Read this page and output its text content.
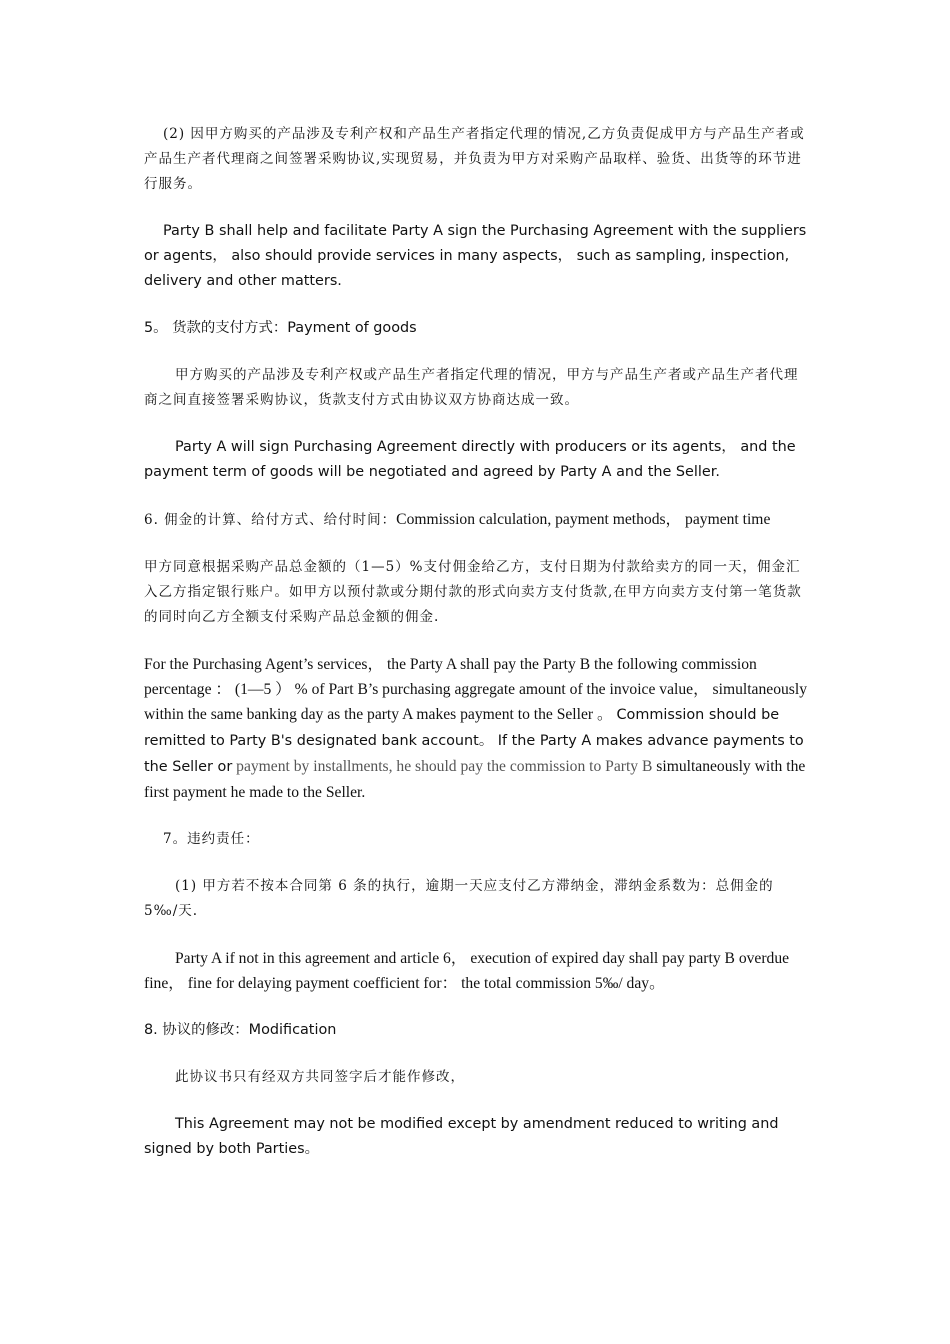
(2) 因甲方购买的产品涉及专利产权和产品生产者指定代理的情况,乙方负责促成甲方与产品生产者或产品生产者代理商之间签署采购协议,实现贸易，并负责为甲方对采购产品取样、验货、出货等的环节进行服务。

Party B shall help and facilitate Party A sign the Purchasing Agreement with the suppliers or agents， also should provide services in many aspects， such as sampling, inspection, delivery and other matters.

5。 货款的支付方式：Payment of goods

甲方购买的产品涉及专利产权或产品生产者指定代理的情况，甲方与产品生产者或产品生产者代理商之间直接签署采购协议，货款支付方式由协议双方协商达成一致。

Party A will sign Purchasing Agreement directly with producers or its agents， and the payment term of goods will be negotiated and agreed by Party A and the Seller.

6. 佣金的计算、给付方式、给付时间：Commission calculation, payment methods， payment time

甲方同意根据采购产品总金额的（1—5）%支付佣金给乙方，支付日期为付款给卖方的同一天，佣金汇入乙方指定银行账户。如甲方以预付款或分期付款的形式向卖方支付货款,在甲方向卖方支付第一笔货款的同时向乙方全额支付采购产品总金额的佣金.

For the Purchasing Agent’s services， the Party A shall pay the Party B the following commission percentage ： (1—5 ） % of Part B’s purchasing aggregate amount of the invoice value， simultaneously within the same banking day as the party A makes payment to the Seller 。 Commission should be remitted to Party B's designated bank account。 If the Party A makes advance payments to the Seller or payment by installments, he should pay the commission to Party B simultaneously with the first payment he made to the Seller.

7。违约责任：

(1) 甲方若不按本合同第 6 条的执行，逾期一天应支付乙方滞纳金，滞纳金系数为：总佣金的 5‰/天.

Party A if not in this agreement and article 6， execution of expired day shall pay party B overdue fine， fine for delaying payment coefficient for： the total commission 5‰/ day。

8. 协议的修改：Modification

此协议书只有经双方共同签字后才能作修改，

This Agreement may not be modified except by amendment reduced to writing and signed by both Parties。
